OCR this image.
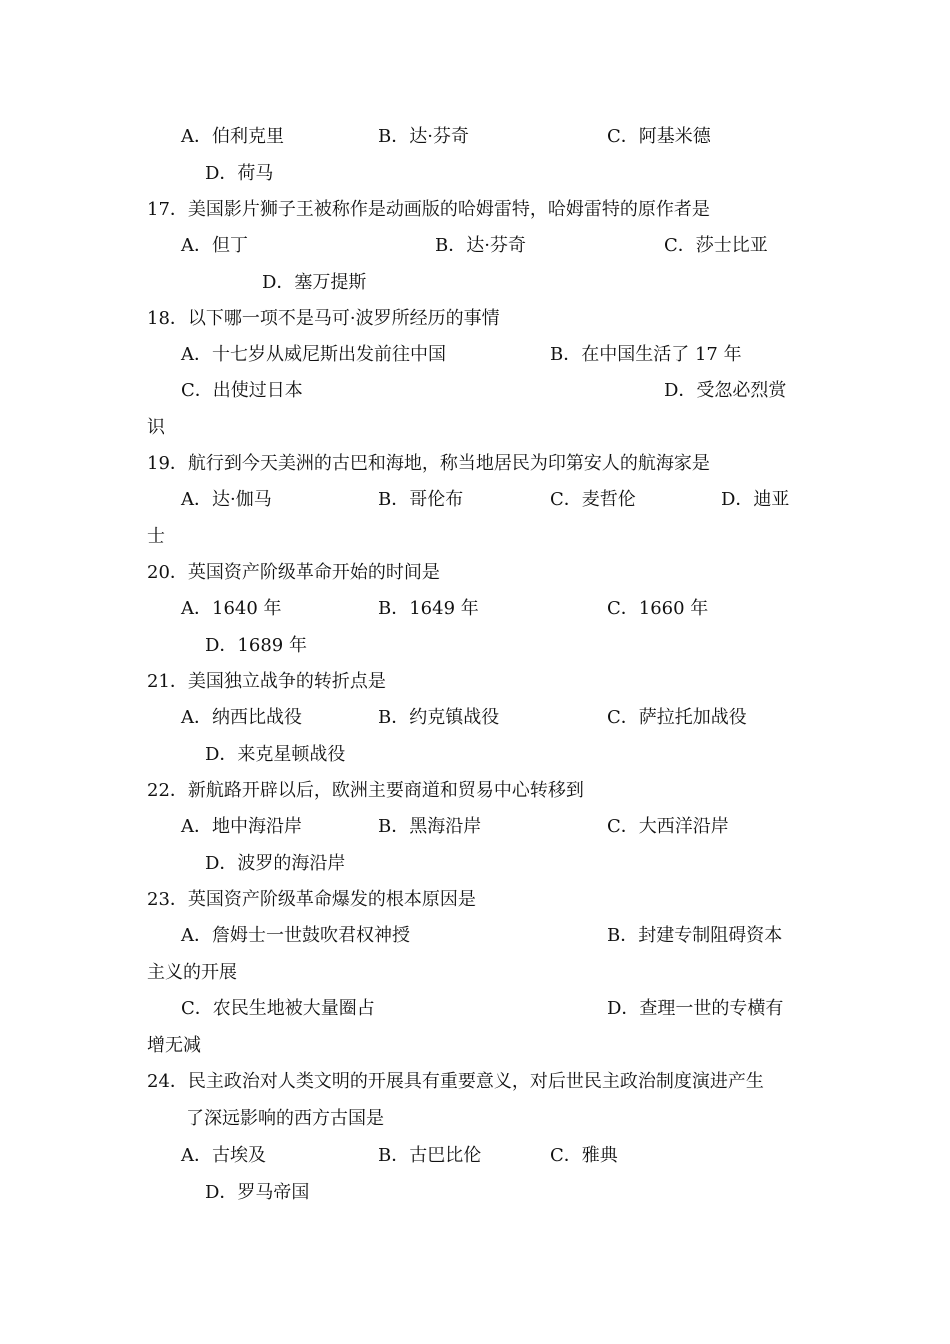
A．伯利克里	B．达·芬奇	C．阿基米德
D．荷马
17．美国影片狮子王被称作是动画版的哈姆雷特，哈姆雷特的原作者是
A．但丁	B．达·芬奇	C．莎士比亚
D．塞万提斯
18．以下哪一项不是马可·波罗所经历的事情
A．十七岁从威尼斯出发前往中国	B．在中国生活了 17 年
C．出使过日本	D．受忽必烈赏
识
19．航行到今天美洲的古巴和海地，称当地居民为印第安人的航海家是
A．达·伽马	B．哥伦布	C．麦哲伦	D．迪亚
士
20．英国资产阶级革命开始的时间是
A．1640 年	B．1649 年	C．1660 年
D．1689 年
21．美国独立战争的转折点是
A．纳西比战役	B．约克镇战役	C．萨拉托加战役
D．来克星顿战役
22．新航路开辟以后，欧洲主要商道和贸易中心转移到
A．地中海沿岸	B．黑海沿岸	C．大西洋沿岸
D．波罗的海沿岸
23．英国资产阶级革命爆发的根本原因是
A．詹姆士一世鼓吹君权神授	B．封建专制阻碍资本
主义的开展
C．农民生地被大量圈占	D．查理一世的专横有
增无减
24．民主政治对人类文明的开展具有重要意义，对后世民主政治制度演进产生
了深远影响的西方古国是
A．古埃及	B．古巴比伦	C．雅典
D．罗马帝国
